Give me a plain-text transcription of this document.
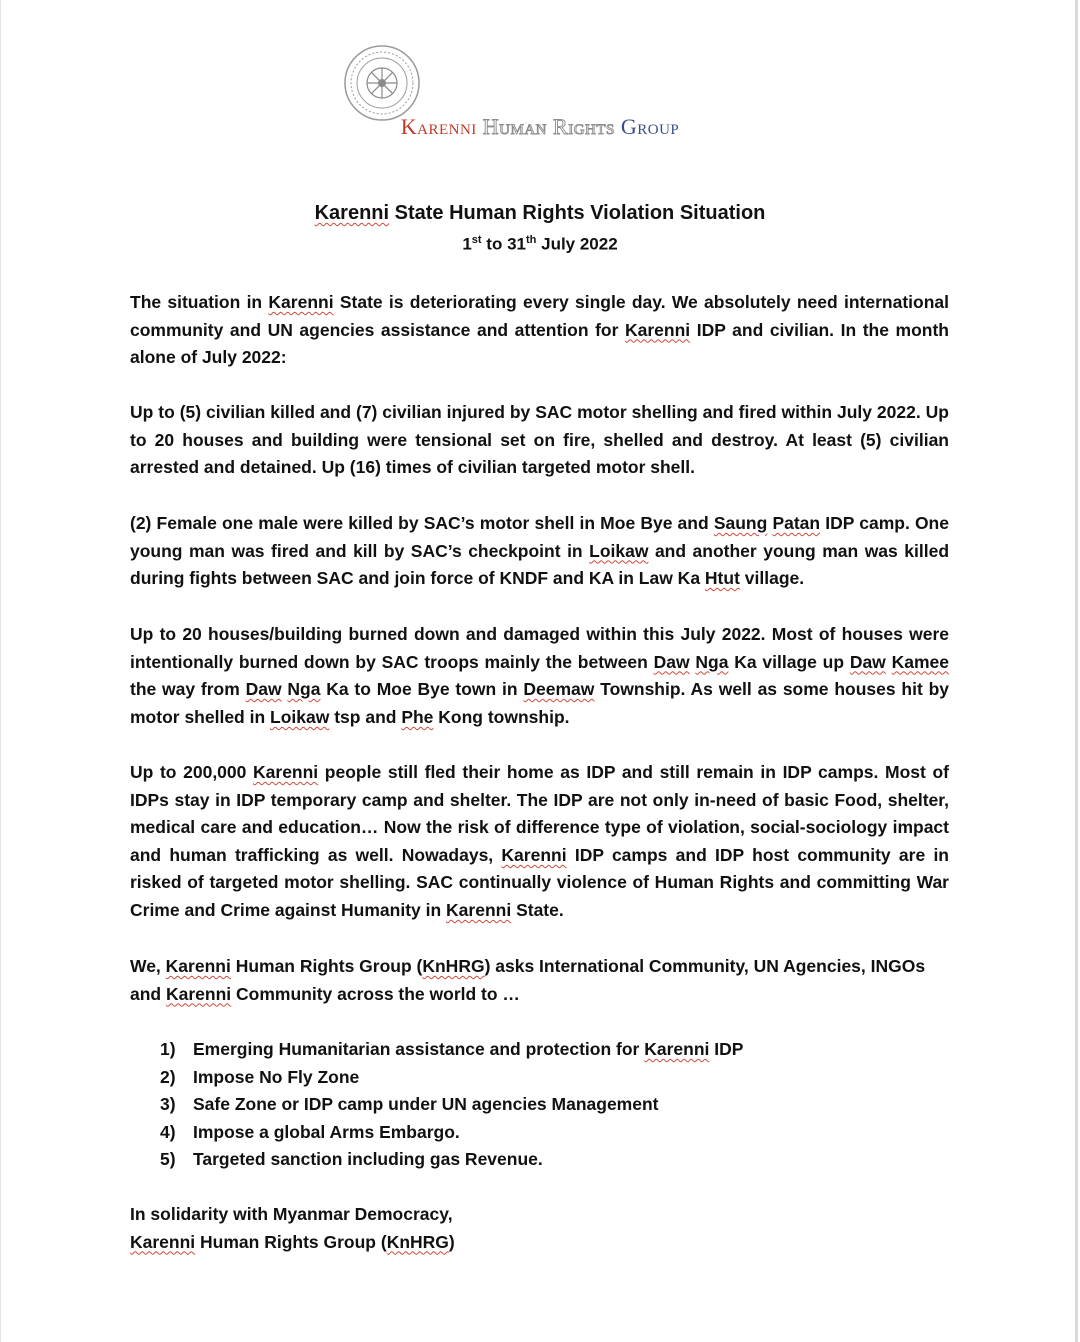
Karenni Human Rights Group
Karenni State Human Rights Violation Situation
1st to 31th July 2022
The situation in Karenni State is deteriorating every single day. We absolutely need international community and UN agencies assistance and attention for Karenni IDP and civilian. In the month alone of July 2022:
Up to (5) civilian killed and (7) civilian injured by SAC motor shelling and fired within July 2022. Up to 20 houses and building were tensional set on fire, shelled and destroy. At least (5) civilian arrested and detained. Up (16) times of civilian targeted motor shell.
(2) Female one male were killed by SAC’s motor shell in Moe Bye and Saung Patan IDP camp. One young man was fired and kill by SAC’s checkpoint in Loikaw and another young man was killed during fights between SAC and join force of KNDF and KA in Law Ka Htut village.
Up to 20 houses/building burned down and damaged within this July 2022. Most of houses were intentionally burned down by SAC troops mainly the between Daw Nga Ka village up Daw Kamee the way from Daw Nga Ka to Moe Bye town in Deemaw Township. As well as some houses hit by motor shelled in Loikaw tsp and Phe Kong township.
Up to 200,000 Karenni people still fled their home as IDP and still remain in IDP camps. Most of IDPs stay in IDP temporary camp and shelter. The IDP are not only in-need of basic Food, shelter, medical care and education… Now the risk of difference type of violation, social-sociology impact and human trafficking as well. Nowadays, Karenni IDP camps and IDP host community are in risked of targeted motor shelling. SAC continually violence of Human Rights and committing War Crime and Crime against Humanity in Karenni State.
We, Karenni Human Rights Group (KnHRG) asks International Community, UN Agencies, INGOs and Karenni Community across the world to …
1) Emerging Humanitarian assistance and protection for Karenni IDP
2) Impose No Fly Zone
3) Safe Zone or IDP camp under UN agencies Management
4) Impose a global Arms Embargo.
5) Targeted sanction including gas Revenue.
In solidarity with Myanmar Democracy,
Karenni Human Rights Group (KnHRG)
